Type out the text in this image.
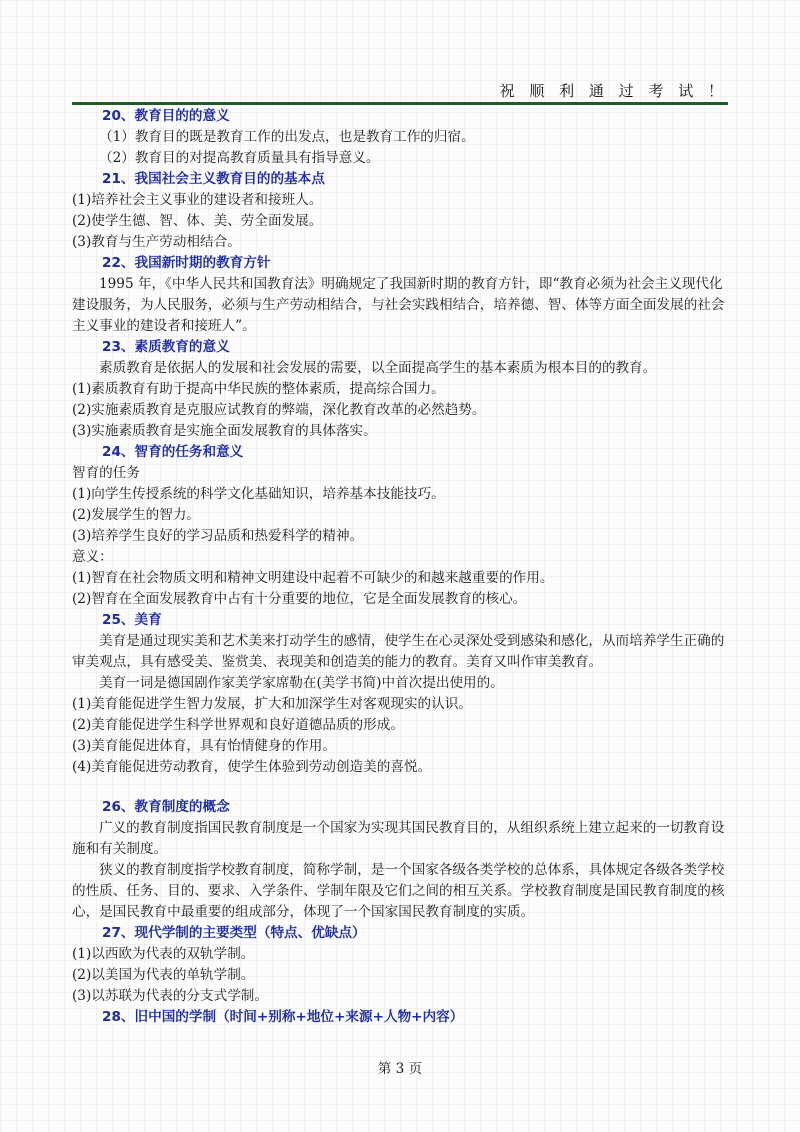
祝 顺 利 通 过 考 试 ！
20、教育目的的意义

（1）教育目的既是教育工作的出发点，也是教育工作的归宿。

（2）教育目的对提高教育质量具有指导意义。

21、我国社会主义教育目的的基本点

(1)培养社会主义事业的建设者和接班人。

(2)使学生德、智、体、美、劳全面发展。

(3)教育与生产劳动相结合。

22、我国新时期的教育方针

1995 年，《中华人民共和国教育法》明确规定了我国新时期的教育方针，即“教育必须为社会主义现代化建设服务，为人民服务，必须与生产劳动相结合，与社会实践相结合，培养德、智、体等方面全面发展的社会主义事业的建设者和接班人”。

23、素质教育的意义

素质教育是依据人的发展和社会发展的需要，以全面提高学生的基本素质为根本目的的教育。

(1)素质教育有助于提高中华民族的整体素质，提高综合国力。

(2)实施素质教育是克服应试教育的弊端，深化教育改革的必然趋势。

(3)实施素质教育是实施全面发展教育的具体落实。

24、智育的任务和意义

智育的任务

(1)向学生传授系统的科学文化基础知识，培养基本技能技巧。

(2)发展学生的智力。

(3)培养学生良好的学习品质和热爱科学的精神。

意义：

(1)智育在社会物质文明和精神文明建设中起着不可缺少的和越来越重要的作用。

(2)智育在全面发展教育中占有十分重要的地位，它是全面发展教育的核心。

25、美育

美育是通过现实美和艺术美来打动学生的感情，使学生在心灵深处受到感染和感化，从而培养学生正确的审美观点，具有感受美、鉴赏美、表现美和创造美的能力的教育。美育又叫作审美教育。

美育一词是德国剧作家美学家席勒在(美学书简)中首次提出使用的。

(1)美育能促进学生智力发展，扩大和加深学生对客观现实的认识。

(2)美育能促进学生科学世界观和良好道德品质的形成。

(3)美育能促进体育，具有怡情健身的作用。

(4)美育能促进劳动教育，使学生体验到劳动创造美的喜悦。

26、教育制度的概念

广义的教育制度指国民教育制度是一个国家为实现其国民教育目的，从组织系统上建立起来的一切教育设施和有关制度。

狭义的教育制度指学校教育制度，简称学制，是一个国家各级各类学校的总体系，具体规定各级各类学校的性质、任务、目的、要求、入学条件、学制年限及它们之间的相互关系。学校教育制度是国民教育制度的核心，是国民教育中最重要的组成部分，体现了一个国家国民教育制度的实质。

27、现代学制的主要类型（特点、优缺点）

(1)以西欧为代表的双轨学制。

(2)以美国为代表的单轨学制。

(3)以苏联为代表的分支式学制。

28、旧中国的学制（时间+别称+地位+来源+人物+内容）
第 3 页
